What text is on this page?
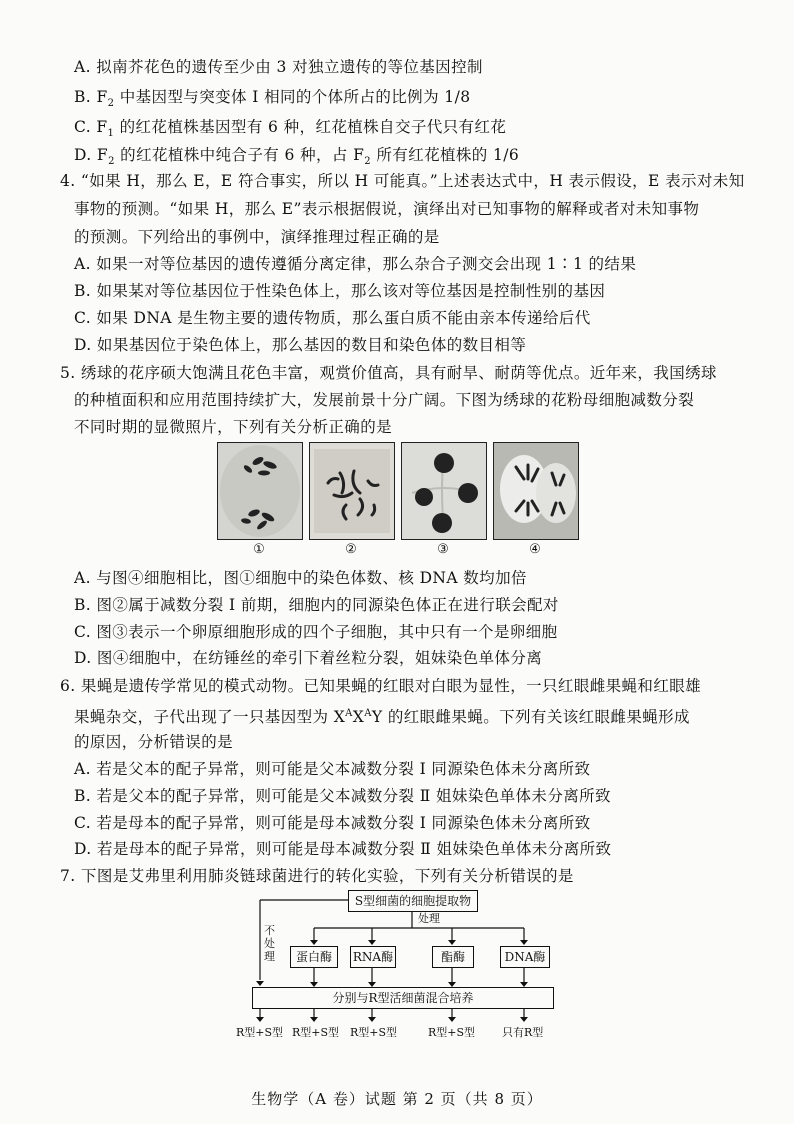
A. 拟南芥花色的遗传至少由 3 对独立遗传的等位基因控制
B. $F_2$ 中基因型与突变体 Ⅰ 相同的个体所占的比例为 1/8
C. $F_1$ 的红花植株基因型有 6 种，红花植株自交子代只有红花
D. $F_2$ 的红花植株中纯合子有 6 种，占 $F_2$ 所有红花植株的 1/6
4. “如果 H，那么 E，E 符合事实，所以 H 可能真。”上述表达式中，H 表示假设，E 表示对未知
事物的预测。“如果 H，那么 E”表示根据假说，演绎出对已知事物的解释或者对未知事物
的预测。下列给出的事例中，演绎推理过程正确的是
A. 如果一对等位基因的遗传遵循分离定律，那么杂合子测交会出现 1∶1 的结果
B. 如果某对等位基因位于性染色体上，那么该对等位基因是控制性别的基因
C. 如果 DNA 是生物主要的遗传物质，那么蛋白质不能由亲本传递给后代
D. 如果基因位于染色体上，那么基因的数目和染色体的数目相等
5. 绣球的花序硕大饱满且花色丰富，观赏价值高，具有耐旱、耐荫等优点。近年来，我国绣球
的种植面积和应用范围持续扩大，发展前景十分广阔。下图为绣球的花粉母细胞减数分裂
不同时期的显微照片，下列有关分析正确的是
①	②	③	④
A. 与图④细胞相比，图①细胞中的染色体数、核 DNA 数均加倍
B. 图②属于减数分裂 Ⅰ 前期，细胞内的同源染色体正在进行联会配对
C. 图③表示一个卵原细胞形成的四个子细胞，其中只有一个是卵细胞
D. 图④细胞中，在纺锤丝的牵引下着丝粒分裂，姐妹染色单体分离
6. 果蝇是遗传学常见的模式动物。已知果蝇的红眼对白眼为显性，一只红眼雌果蝇和红眼雄
果蝇杂交，子代出现了一只基因型为 $X^AX^AY$ 的红眼雌果蝇。下列有关该红眼雌果蝇形成
的原因，分析错误的是
A. 若是父本的配子异常，则可能是父本减数分裂 Ⅰ 同源染色体未分离所致
B. 若是父本的配子异常，则可能是父本减数分裂 Ⅱ 姐妹染色单体未分离所致
C. 若是母本的配子异常，则可能是母本减数分裂 Ⅰ 同源染色体未分离所致
D. 若是母本的配子异常，则可能是母本减数分裂 Ⅱ 姐妹染色单体未分离所致
7. 下图是艾弗里利用肺炎链球菌进行的转化实验，下列有关分析错误的是
S型细菌的细胞提取物
处理
不
处
理	蛋白酶	RNA酶	酯酶	DNA酶
分别与R型活细菌混合培养
R型+S型 R型+S型 R型+S型	R型+S型 只有R型
生物学（A 卷）试题 第 2 页（共 8 页）
